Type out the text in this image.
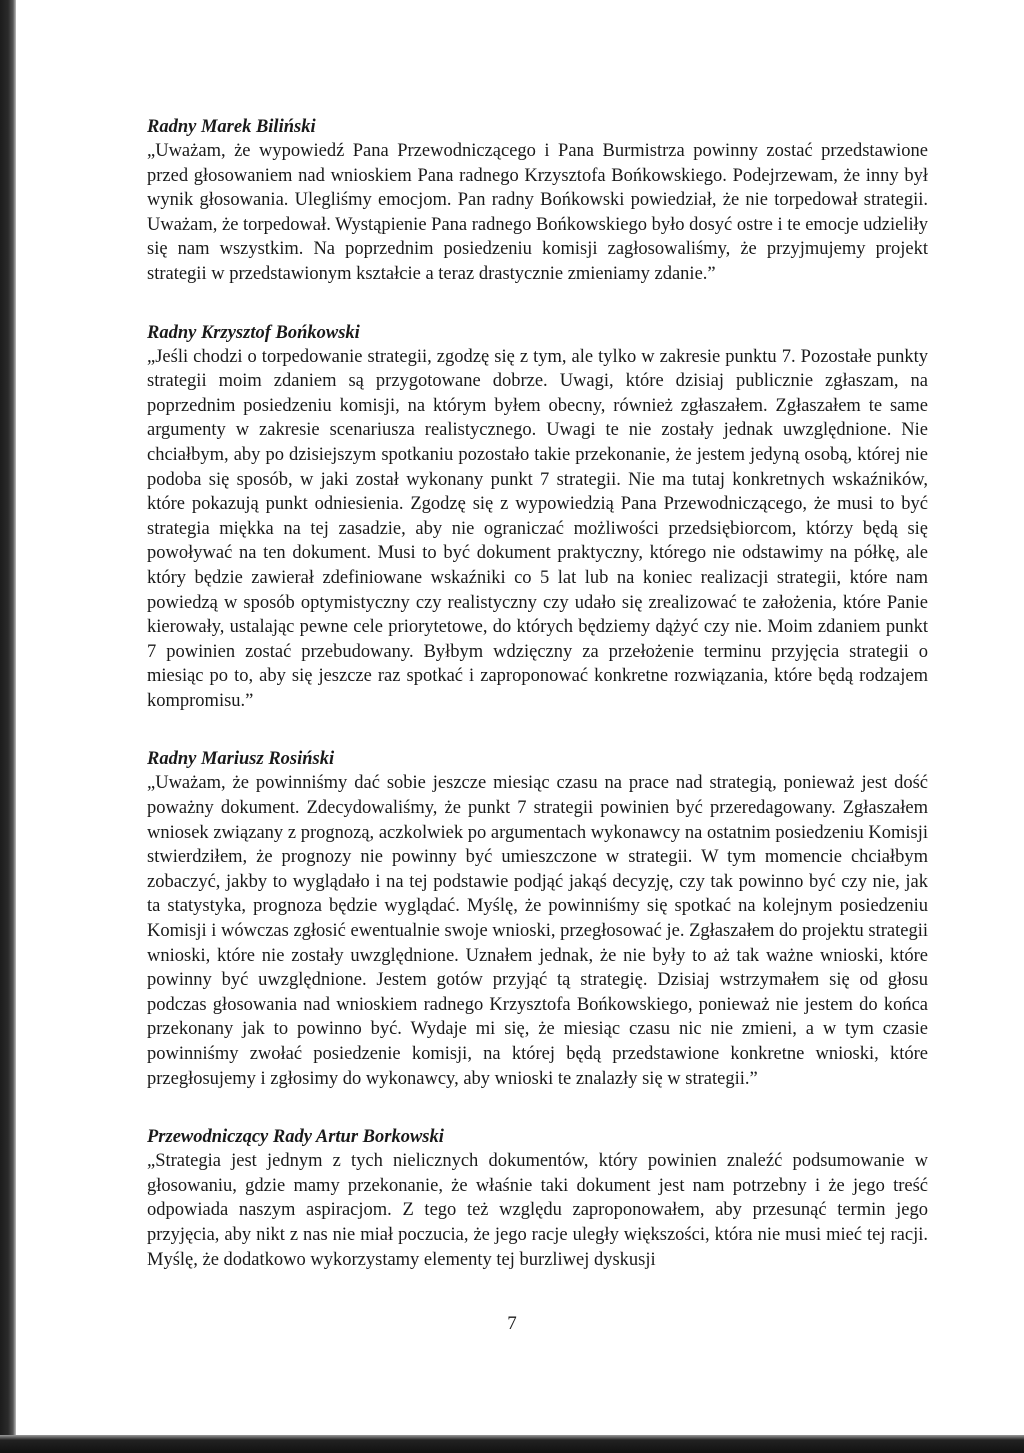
Radny Marek Biliński

„Uważam, że wypowiedź Pana Przewodniczącego i Pana Burmistrza powinny zostać przedstawione przed głosowaniem nad wnioskiem Pana radnego Krzysztofa Bońkowskiego. Podejrzewam, że inny był wynik głosowania. Ulegliśmy emocjom. Pan radny Bońkowski powiedział, że nie torpedował strategii. Uważam, że torpedował. Wystąpienie Pana radnego Bońkowskiego było dosyć ostre i te emocje udzieliły się nam wszystkim. Na poprzednim posiedzeniu komisji zagłosowaliśmy, że przyjmujemy projekt strategii w przedstawionym kształcie a teraz drastycznie zmieniamy zdanie.”

Radny Krzysztof Bońkowski

„Jeśli chodzi o torpedowanie strategii, zgodzę się z tym, ale tylko w zakresie punktu 7. Pozostałe punkty strategii moim zdaniem są przygotowane dobrze. Uwagi, które dzisiaj publicznie zgłaszam, na poprzednim posiedzeniu komisji, na którym byłem obecny, również zgłaszałem. Zgłaszałem te same argumenty w zakresie scenariusza realistycznego. Uwagi te nie zostały jednak uwzględnione. Nie chciałbym, aby po dzisiejszym spotkaniu pozostało takie przekonanie, że jestem jedyną osobą, której nie podoba się sposób, w jaki został wykonany punkt 7 strategii. Nie ma tutaj konkretnych wskaźników, które pokazują punkt odniesienia. Zgodzę się z wypowiedzią Pana Przewodniczącego, że musi to być strategia miękka na tej zasadzie, aby nie ograniczać możliwości przedsiębiorcom, którzy będą się powoływać na ten dokument. Musi to być dokument praktyczny, którego nie odstawimy na półkę, ale który będzie zawierał zdefiniowane wskaźniki co 5 lat lub na koniec realizacji strategii, które nam powiedzą w sposób optymistyczny czy realistyczny czy udało się zrealizować te założenia, które Panie kierowały, ustalając pewne cele priorytetowe, do których będziemy dążyć czy nie. Moim zdaniem punkt 7 powinien zostać przebudowany. Byłbym wdzięczny za przełożenie terminu przyjęcia strategii o miesiąc po to, aby się jeszcze raz spotkać i zaproponować konkretne rozwiązania, które będą rodzajem kompromisu.”

Radny Mariusz Rosiński

„Uważam, że powinniśmy dać sobie jeszcze miesiąc czasu na prace nad strategią, ponieważ jest dość poważny dokument. Zdecydowaliśmy, że punkt 7 strategii powinien być przeredagowany. Zgłaszałem wniosek związany z prognozą, aczkolwiek po argumentach wykonawcy na ostatnim posiedzeniu Komisji stwierdziłem, że prognozy nie powinny być umieszczone w strategii. W tym momencie chciałbym zobaczyć, jakby to wyglądało i na tej podstawie podjąć jakąś decyzję, czy tak powinno być czy nie, jak ta statystyka, prognoza będzie wyglądać. Myślę, że powinniśmy się spotkać na kolejnym posiedzeniu Komisji i wówczas zgłosić ewentualnie swoje wnioski, przegłosować je. Zgłaszałem do projektu strategii wnioski, które nie zostały uwzględnione. Uznałem jednak, że nie były to aż tak ważne wnioski, które powinny być uwzględnione. Jestem gotów przyjąć tą strategię. Dzisiaj wstrzymałem się od głosu podczas głosowania nad wnioskiem radnego Krzysztofa Bońkowskiego, ponieważ nie jestem do końca przekonany jak to powinno być. Wydaje mi się, że miesiąc czasu nic nie zmieni, a w tym czasie powinniśmy zwołać posiedzenie komisji, na której będą przedstawione konkretne wnioski, które przegłosujemy i zgłosimy do wykonawcy, aby wnioski te znalazły się w strategii.”

Przewodniczący Rady Artur Borkowski

„Strategia jest jednym z tych nielicznych dokumentów, który powinien znaleźć podsumowanie w głosowaniu, gdzie mamy przekonanie, że właśnie taki dokument jest nam potrzebny i że jego treść odpowiada naszym aspiracjom. Z tego też względu zaproponowałem, aby przesunąć termin jego przyjęcia, aby nikt z nas nie miał poczucia, że jego racje uległy większości, która nie musi mieć tej racji. Myślę, że dodatkowo wykorzystamy elementy tej burzliwej dyskusji

7
